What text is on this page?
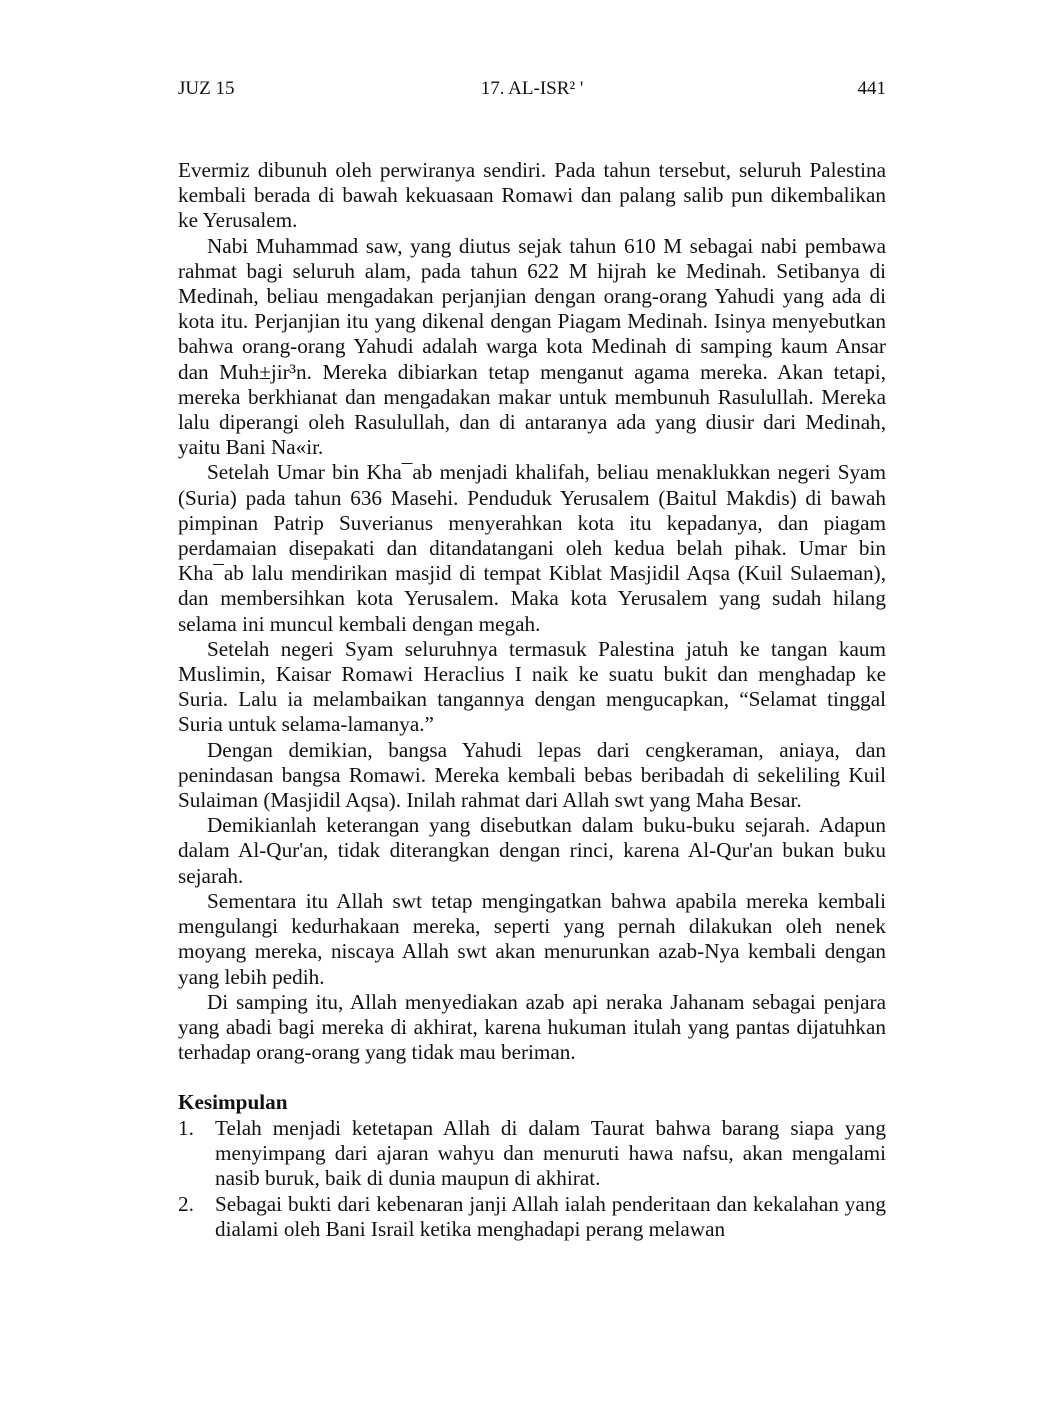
JUZ 15	17. AL-ISR² '	441

Evermiz dibunuh oleh perwiranya sendiri. Pada tahun tersebut, seluruh Palestina kembali berada di bawah kekuasaan Romawi dan palang salib pun dikembalikan ke Yerusalem.

Nabi Muhammad saw, yang diutus sejak tahun 610 M sebagai nabi pembawa rahmat bagi seluruh alam, pada tahun 622 M hijrah ke Medinah. Setibanya di Medinah, beliau mengadakan perjanjian dengan orang-orang Yahudi yang ada di kota itu. Perjanjian itu yang dikenal dengan Piagam Medinah. Isinya menyebutkan bahwa orang-orang Yahudi adalah warga kota Medinah di samping kaum Ansar dan Muh±jir³n. Mereka dibiarkan tetap menganut agama mereka. Akan tetapi, mereka berkhianat dan mengadakan makar untuk membunuh Rasulullah. Mereka lalu diperangi oleh Rasulullah, dan di antaranya ada yang diusir dari Medinah, yaitu Bani Na«ir.

Setelah Umar bin Kha¯ab menjadi khalifah, beliau menaklukkan negeri Syam (Suria) pada tahun 636 Masehi. Penduduk Yerusalem (Baitul Makdis) di bawah pimpinan Patrip Suverianus menyerahkan kota itu kepadanya, dan piagam perdamaian disepakati dan ditandatangani oleh kedua belah pihak. Umar bin Kha¯ab lalu mendirikan masjid di tempat Kiblat Masjidil Aqsa (Kuil Sulaeman), dan membersihkan kota Yerusalem. Maka kota Yerusalem yang sudah hilang selama ini muncul kembali dengan megah.

Setelah negeri Syam seluruhnya termasuk Palestina jatuh ke tangan kaum Muslimin, Kaisar Romawi Heraclius I naik ke suatu bukit dan menghadap ke Suria. Lalu ia melambaikan tangannya dengan mengucapkan, “Selamat tinggal Suria untuk selama-lamanya.”

Dengan demikian, bangsa Yahudi lepas dari cengkeraman, aniaya, dan penindasan bangsa Romawi. Mereka kembali bebas beribadah di sekeliling Kuil Sulaiman (Masjidil Aqsa). Inilah rahmat dari Allah swt yang Maha Besar.

Demikianlah keterangan yang disebutkan dalam buku-buku sejarah. Adapun dalam Al-Qur'an, tidak diterangkan dengan rinci, karena Al-Qur'an bukan buku sejarah.

Sementara itu Allah swt tetap mengingatkan bahwa apabila mereka kembali mengulangi kedurhakaan mereka, seperti yang pernah dilakukan oleh nenek moyang mereka, niscaya Allah swt akan menurunkan azab-Nya kembali dengan yang lebih pedih.

Di samping itu, Allah menyediakan azab api neraka Jahanam sebagai penjara yang abadi bagi mereka di akhirat, karena hukuman itulah yang pantas dijatuhkan terhadap orang-orang yang tidak mau beriman.

Kesimpulan
1. Telah menjadi ketetapan Allah di dalam Taurat bahwa barang siapa yang menyimpang dari ajaran wahyu dan menuruti hawa nafsu, akan mengalami nasib buruk, baik di dunia maupun di akhirat.
2. Sebagai bukti dari kebenaran janji Allah ialah penderitaan dan kekalahan yang dialami oleh Bani Israil ketika menghadapi perang melawan
